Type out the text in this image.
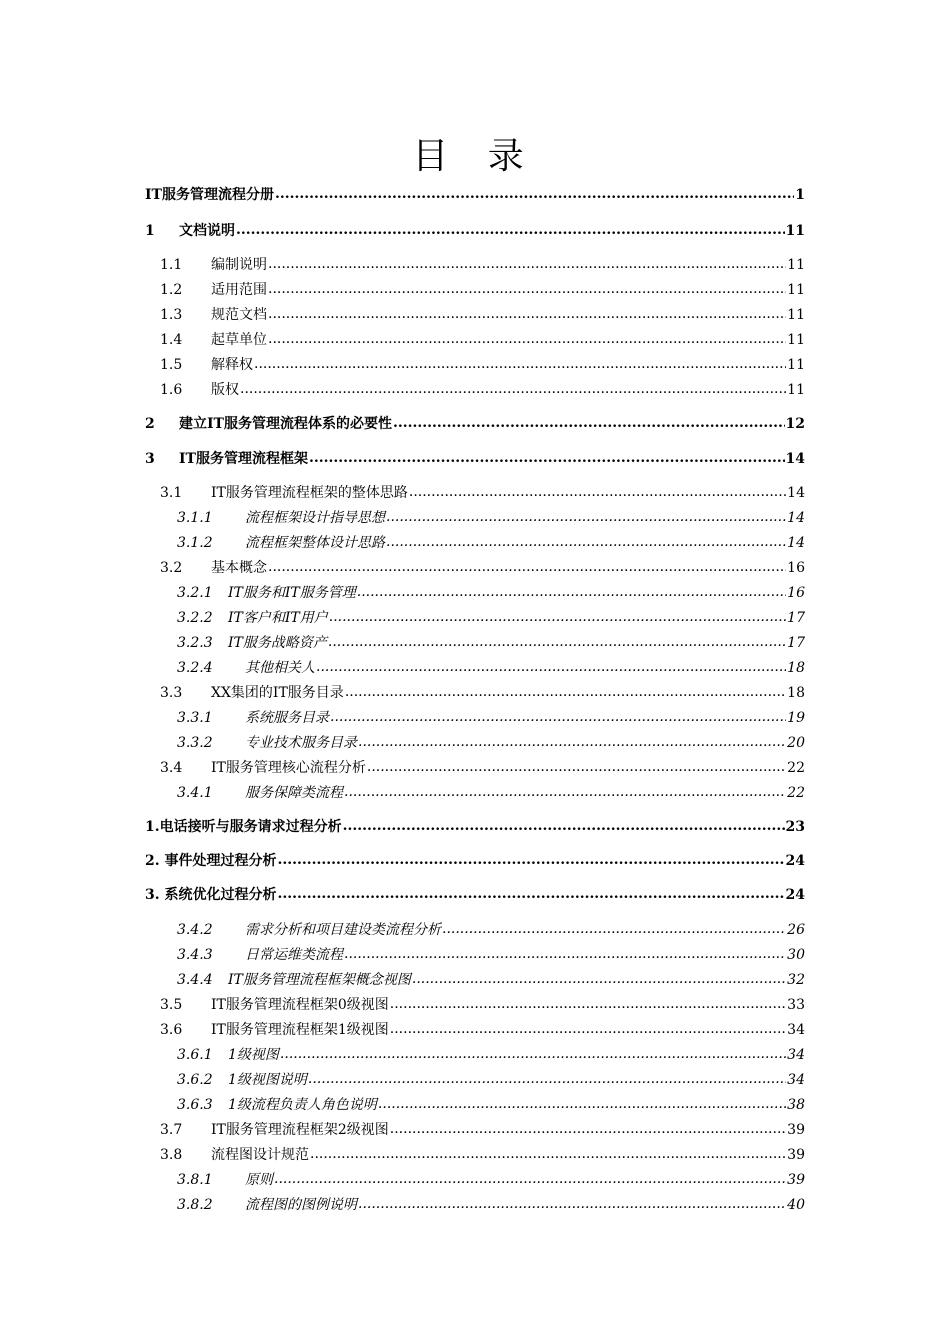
目 录
IT服务管理流程分册 .....	1
1	文档说明 .....	11
1.1	编制说明 .....	11
1.2	适用范围 .....	11
1.3	规范文档 .....	11
1.4	起草单位 .....	11
1.5	解释权 .....	11
1.6	版权 .....	11
2	建立IT服务管理流程体系的必要性 .....	12
3	IT服务管理流程框架 .....	14
3.1	IT服务管理流程框架的整体思路 .....	14
3.1.1	流程框架设计指导思想 .....	14
3.1.2	流程框架整体设计思路 .....	14
3.2	基本概念 .....	16
3.2.1	IT服务和IT服务管理 .....	16
3.2.2	IT客户和IT用户 .....	17
3.2.3	IT服务战略资产 .....	17
3.2.4	其他相关人 .....	18
3.3	XX集团的IT服务目录 .....	18
3.3.1	系统服务目录 .....	19
3.3.2	专业技术服务目录 .....	20
3.4	IT服务管理核心流程分析 .....	22
3.4.1	服务保障类流程 .....	22
1.电话接听与服务请求过程分析 .....	23
2. 事件处理过程分析 .....	24
3. 系统优化过程分析 .....	24
3.4.2	需求分析和项目建设类流程分析 .....	26
3.4.3	日常运维类流程 .....	30
3.4.4	IT服务管理流程框架概念视图 .....	32
3.5	IT服务管理流程框架0级视图 .....	33
3.6	IT服务管理流程框架1级视图 .....	34
3.6.1	1级视图 .....	34
3.6.2	1级视图说明 .....	34
3.6.3	1级流程负责人角色说明 .....	38
3.7	IT服务管理流程框架2级视图 .....	39
3.8	流程图设计规范 .....	39
3.8.1	原则 .....	39
3.8.2	流程图的图例说明 .....	40
